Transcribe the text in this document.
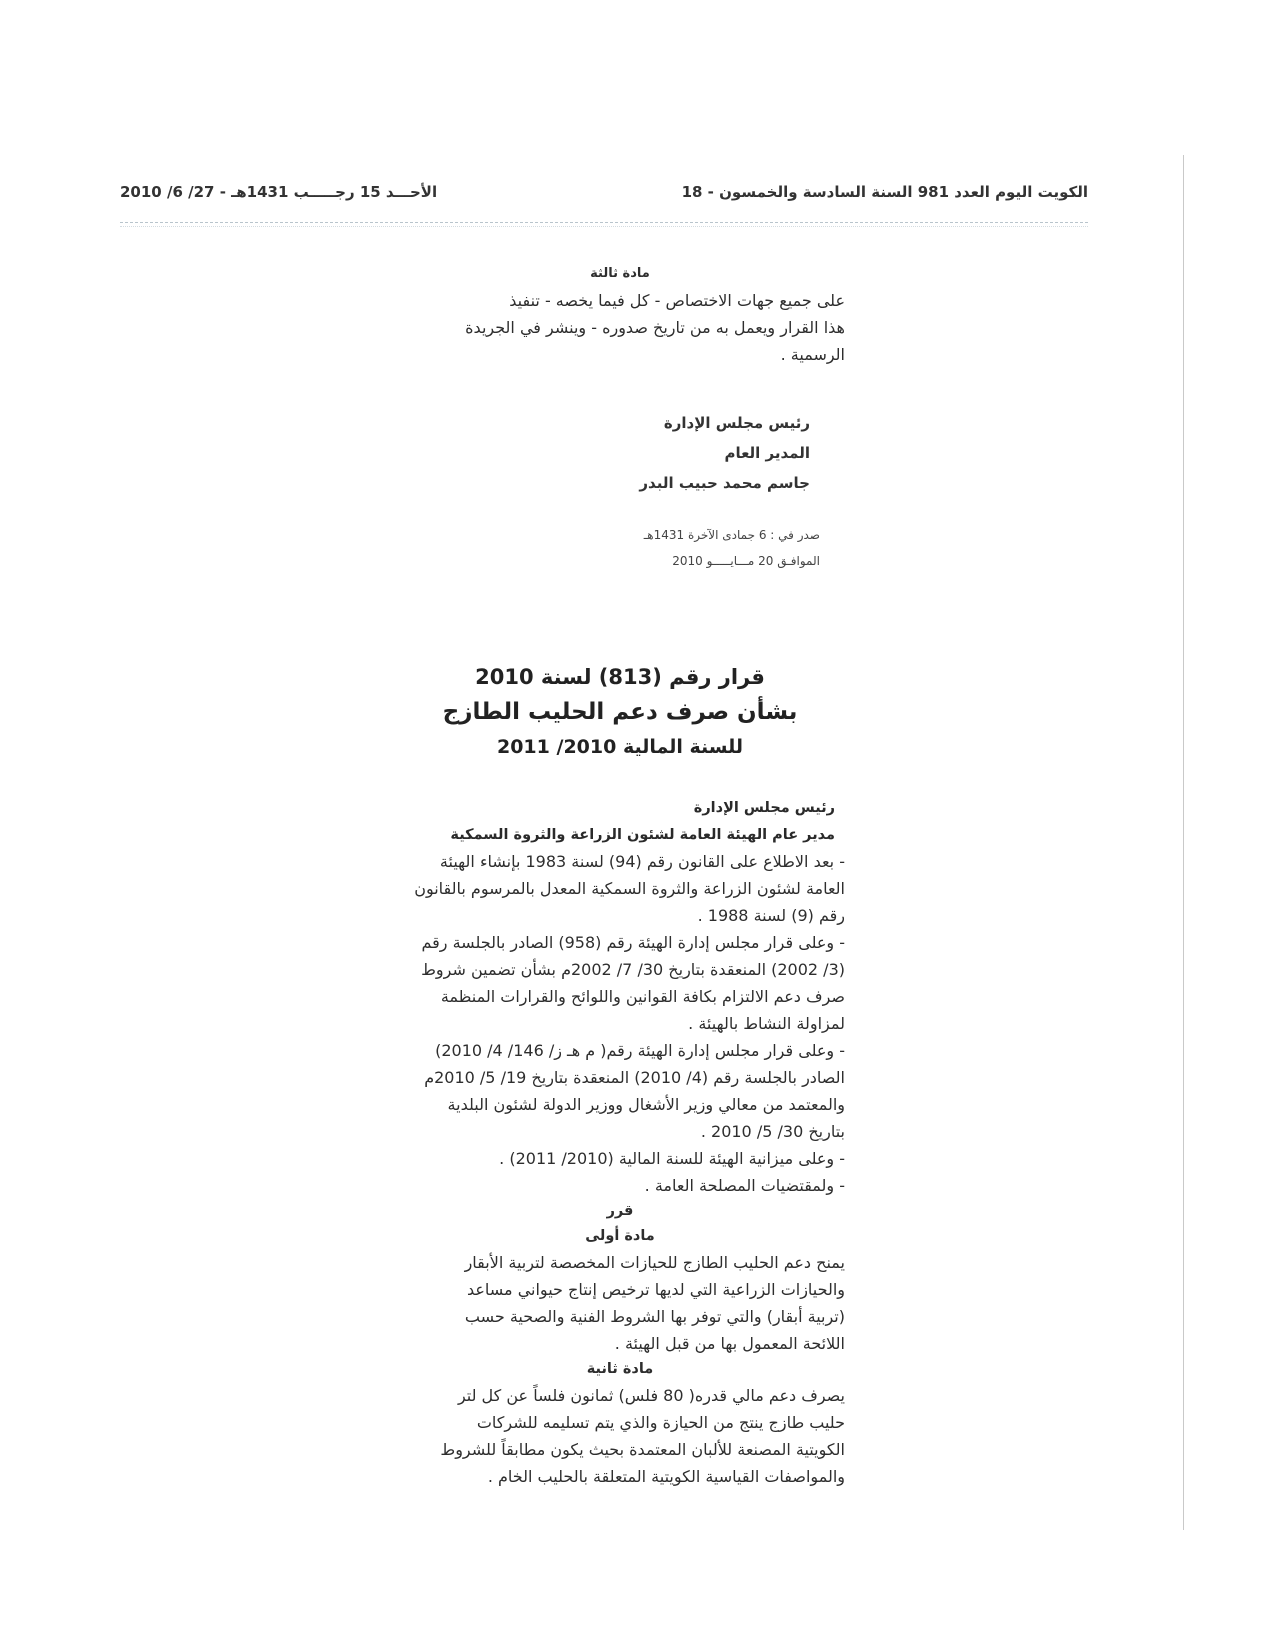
الأحـــد 15 رجـــــب 1431هـ - 27/ 6/ 2010	الكويت اليوم العدد 981 السنة السادسة والخمسون - 18
مادة ثالثة

على جميع جهات الاختصاص - كل فيما يخصه - تنفيذ
هذا القرار ويعمل به من تاريخ صدوره - وينشر في الجريدة
الرسمية .

رئيس مجلس الإدارة
المدير العام
جاسم محمد حبيب البدر
صدر في : 6 جمادى الآخرة 1431هـ
الموافـق 20 مـــايـــــو 2010
قرار رقم (813) لسنة 2010
بشأن صرف دعم الحليب الطازج
للسنة المالية 2010/ 2011
رئيس مجلس الإدارة
مدير عام الهيئة العامة لشئون الزراعة والثروة السمكية

- بعد الاطلاع على القانون رقم (94) لسنة 1983 بإنشاء الهيئة
العامة لشئون الزراعة والثروة السمكية المعدل بالمرسوم بالقانون
رقم (9) لسنة 1988 .

- وعلى قرار مجلس إدارة الهيئة رقم (958) الصادر بالجلسة رقم
(3/ 2002) المنعقدة بتاريخ 30/ 7/ 2002م بشأن تضمين شروط
صرف دعم الالتزام بكافة القوانين واللوائح والقرارات المنظمة
لمزاولة النشاط بالهيئة .

- وعلى قرار مجلس إدارة الهيئة رقم( م هـ ز/ 146/ 4/ 2010)
الصادر بالجلسة رقم (4/ 2010) المنعقدة بتاريخ 19/ 5/ 2010م
والمعتمد من معالي وزير الأشغال ووزير الدولة لشئون البلدية
بتاريخ 30/ 5/ 2010 .

- وعلى ميزانية الهيئة للسنة المالية (2010/ 2011) .

- ولمقتضيات المصلحة العامة .

قرر
مادة أولى

يمنح دعم الحليب الطازج للحيازات المخصصة لتربية الأبقار
والحيازات الزراعية التي لديها ترخيص إنتاج حيواني مساعد
(تربية أبقار) والتي توفر بها الشروط الفنية والصحية حسب
اللائحة المعمول بها من قبل الهيئة .

مادة ثانية

يصرف دعم مالي قدره( 80 فلس) ثمانون فلساً عن كل لتر
حليب طازج ينتج من الحيازة والذي يتم تسليمه للشركات
الكويتية المصنعة للألبان المعتمدة بحيث يكون مطابقاً للشروط
والمواصفات القياسية الكويتية المتعلقة بالحليب الخام .
